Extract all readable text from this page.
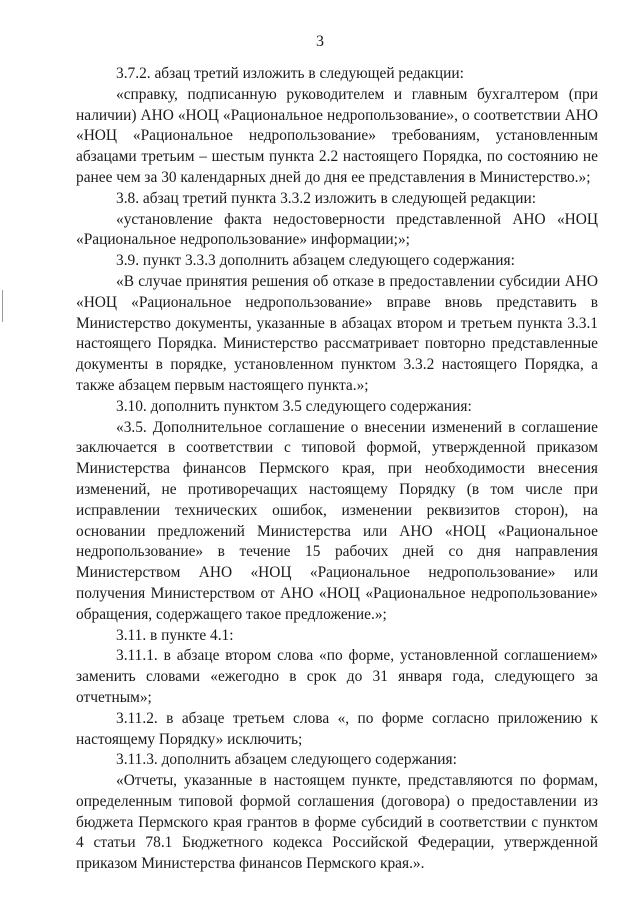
3

3.7.2. абзац третий изложить в следующей редакции:

«справку, подписанную руководителем и главным бухгалтером (при наличии) АНО «НОЦ «Рациональное недропользование», о соответствии АНО «НОЦ «Рациональное недропользование» требованиям, установленным абзацами третьим – шестым пункта 2.2 настоящего Порядка, по состоянию не ранее чем за 30 календарных дней до дня ее представления в Министерство.»;

3.8. абзац третий пункта 3.3.2 изложить в следующей редакции:

«установление факта недостоверности представленной АНО «НОЦ «Рациональное недропользование» информации;»;

3.9. пункт 3.3.3 дополнить абзацем следующего содержания:

«В случае принятия решения об отказе в предоставлении субсидии АНО «НОЦ «Рациональное недропользование» вправе вновь представить в Министерство документы, указанные в абзацах втором и третьем пункта 3.3.1 настоящего Порядка. Министерство рассматривает повторно представленные документы в порядке, установленном пунктом 3.3.2 настоящего Порядка, а также абзацем первым настоящего пункта.»;

3.10. дополнить пунктом 3.5 следующего содержания:

«3.5. Дополнительное соглашение о внесении изменений в соглашение заключается в соответствии с типовой формой, утвержденной приказом Министерства финансов Пермского края, при необходимости внесения изменений, не противоречащих настоящему Порядку (в том числе при исправлении технических ошибок, изменении реквизитов сторон), на основании предложений Министерства или АНО «НОЦ «Рациональное недропользование» в течение 15 рабочих дней со дня направления Министерством АНО «НОЦ «Рациональное недропользование» или получения Министерством от АНО «НОЦ «Рациональное недропользование» обращения, содержащего такое предложение.»;

3.11. в пункте 4.1:

3.11.1. в абзаце втором слова «по форме, установленной соглашением» заменить словами «ежегодно в срок до 31 января года, следующего за отчетным»;

3.11.2. в абзаце третьем слова «, по форме согласно приложению к настоящему Порядку» исключить;

3.11.3. дополнить абзацем следующего содержания:

«Отчеты, указанные в настоящем пункте, представляются по формам, определенным типовой формой соглашения (договора) о предоставлении из бюджета Пермского края грантов в форме субсидий в соответствии с пунктом 4 статьи 78.1 Бюджетного кодекса Российской Федерации, утвержденной приказом Министерства финансов Пермского края.».
